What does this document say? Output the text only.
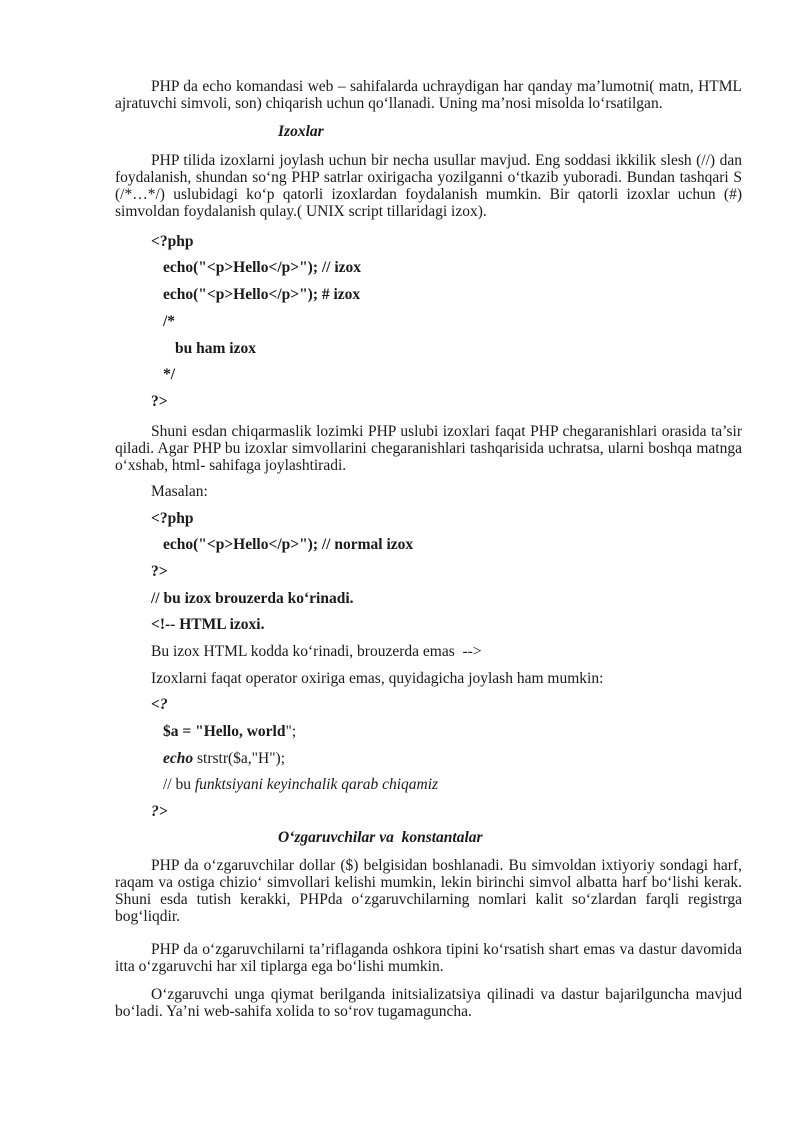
PHP da echo komandasi web – sahifalarda uchraydigan har qanday ma’lumotni( matn, HTML ajratuvchi simvoli, son) chiqarish uchun qo‘llanadi. Uning ma’nosi misolda lo‘rsatilgan.

Izoxlar

PHP tilida izoxlarni joylash uchun bir necha usullar mavjud. Eng soddasi ikkilik slesh (//) dan foydalanish, shundan so‘ng PHP satrlar oxirigacha yozilganni o‘tkazib yuboradi. Bundan tashqari S (/*…*/) uslubidagi ko‘p qatorli izoxlardan foydalanish mumkin. Bir qatorli izoxlar uchun (#) simvoldan foydalanish qulay.( UNIX script tillaridagi izox).

<?php

echo("<p>Hello</p>"); // izox

echo("<p>Hello</p>"); # izox

/*

bu ham izox

*/

?>

Shuni esdan chiqarmaslik lozimki PHP uslubi izoxlari faqat PHP chegaranishlari orasida ta’sir qiladi. Agar PHP bu izoxlar simvollarini chegaranishlari tashqarisida uchratsa, ularni boshqa matnga o‘xshab, html- sahifaga joylashtiradi.

Masalan:

<?php

echo("<p>Hello</p>"); // normal izox

?>

// bu izox brouzerda ko‘rinadi.

<!-- HTML izoxi.

Bu izox HTML kodda ko‘rinadi, brouzerda emas  -->

Izoxlarni faqat operator oxiriga emas, quyidagicha joylash ham mumkin:

<?

$a = "Hello, world";

echo strstr($a,"H");

// bu funktsiyani keyinchalik qarab chiqamiz

?>

O‘zgaruvchilar va  konstantalar

PHP da o‘zgaruvchilar dollar ($) belgisidan boshlanadi. Bu simvoldan ixtiyoriy sondagi harf, raqam va ostiga chizio‘ simvollari kelishi mumkin, lekin birinchi simvol albatta harf bo‘lishi kerak. Shuni esda tutish kerakki, PHPda o‘zgaruvchilarning nomlari kalit so‘zlardan farqli registrga bog‘liqdir.

PHP da o‘zgaruvchilarni ta’riflaganda oshkora tipini ko‘rsatish shart emas va dastur davomida itta o‘zgaruvchi har xil tiplarga ega bo‘lishi mumkin.

O‘zgaruvchi unga qiymat berilganda initsializatsiya qilinadi va dastur bajarilguncha mavjud bo‘ladi. Ya’ni web-sahifa xolida to so‘rov tugamaguncha.
